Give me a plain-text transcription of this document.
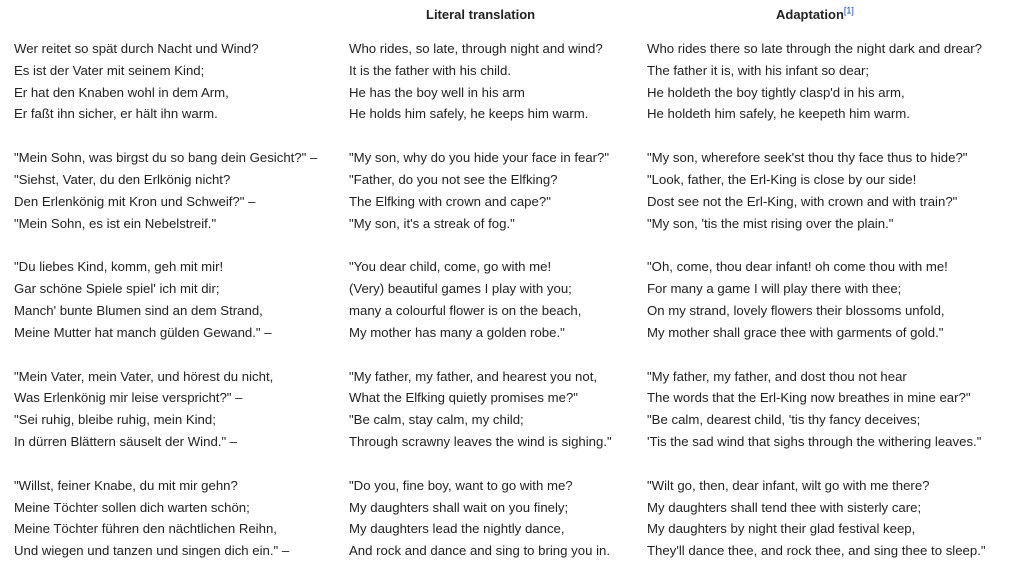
Literal translation	Adaptation[1]
Wer reitet so spät durch Nacht und Wind?
Es ist der Vater mit seinem Kind;
Er hat den Knaben wohl in dem Arm,
Er faßt ihn sicher, er hält ihn warm.
"Mein Sohn, was birgst du so bang dein Gesicht?" –
"Siehst, Vater, du den Erlkönig nicht?
Den Erlenkönig mit Kron und Schweif?" –
"Mein Sohn, es ist ein Nebelstreif."
"Du liebes Kind, komm, geh mit mir!
Gar schöne Spiele spiel' ich mit dir;
Manch' bunte Blumen sind an dem Strand,
Meine Mutter hat manch gülden Gewand." –
"Mein Vater, mein Vater, und hörest du nicht,
Was Erlenkönig mir leise verspricht?" –
"Sei ruhig, bleibe ruhig, mein Kind;
In dürren Blättern säuselt der Wind." –
"Willst, feiner Knabe, du mit mir gehn?
Meine Töchter sollen dich warten schön;
Meine Töchter führen den nächtlichen Reihn,
Und wiegen und tanzen und singen dich ein." –
Who rides, so late, through night and wind?
It is the father with his child.
He has the boy well in his arm
He holds him safely, he keeps him warm.
"My son, why do you hide your face in fear?"
"Father, do you not see the Elfking?
The Elfking with crown and cape?"
"My son, it's a streak of fog."
"You dear child, come, go with me!
(Very) beautiful games I play with you;
many a colourful flower is on the beach,
My mother has many a golden robe."
"My father, my father, and hearest you not,
What the Elfking quietly promises me?"
"Be calm, stay calm, my child;
Through scrawny leaves the wind is sighing."
"Do you, fine boy, want to go with me?
My daughters shall wait on you finely;
My daughters lead the nightly dance,
And rock and dance and sing to bring you in.
Who rides there so late through the night dark and drear?
The father it is, with his infant so dear;
He holdeth the boy tightly clasp'd in his arm,
He holdeth him safely, he keepeth him warm.
"My son, wherefore seek'st thou thy face thus to hide?"
"Look, father, the Erl-King is close by our side!
Dost see not the Erl-King, with crown and with train?"
"My son, 'tis the mist rising over the plain."
"Oh, come, thou dear infant! oh come thou with me!
For many a game I will play there with thee;
On my strand, lovely flowers their blossoms unfold,
My mother shall grace thee with garments of gold."
"My father, my father, and dost thou not hear
The words that the Erl-King now breathes in mine ear?"
"Be calm, dearest child, 'tis thy fancy deceives;
'Tis the sad wind that sighs through the withering leaves."
"Wilt go, then, dear infant, wilt go with me there?
My daughters shall tend thee with sisterly care;
My daughters by night their glad festival keep,
They'll dance thee, and rock thee, and sing thee to sleep."
